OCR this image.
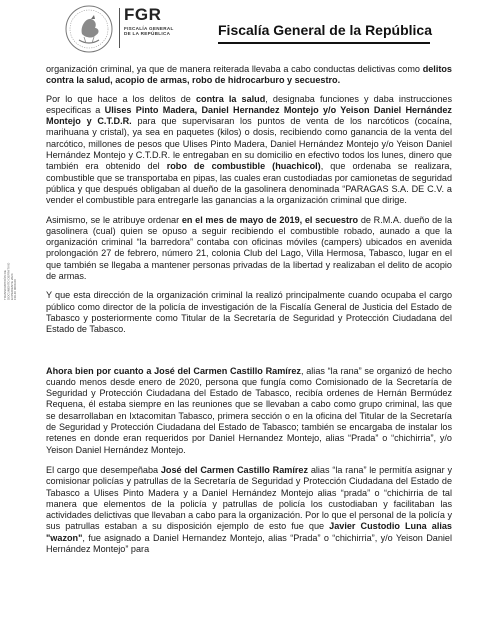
FGR
FISCALÍA GENERAL
DE LA REPÚBLICA	Fiscalía General de la República
TRANSCRIPCIÓN DE DOCUMENTO DEFINITIVO
EXPEDIENTE 2024
FOLIO 0000-00

organización criminal, ya que de manera reiterada llevaba a cabo conductas delictivas como delitos contra la salud, acopio de armas, robo de hidrocarburo y secuestro.

Por lo que hace a los delitos de contra la salud, designaba funciones y daba instrucciones especificas a Ulises Pinto Madera, Daniel Hernandez Montejo y/o Yeison Daniel Hernández Montejo y C.T.D.R. para que supervisaran los puntos de venta de los narcóticos (cocaína, marihuana y cristal), ya sea en paquetes (kilos) o dosis, recibiendo como ganancia de la venta del narcótico, millones de pesos que Ulises Pinto Madera, Daniel Hernández Montejo y/o Yeison Daniel Hernández Montejo y C.T.D.R. le entregaban en su domicilio en efectivo todos los lunes, dinero que también era obtenido del robo de combustible (huachicol), que ordenaba se realizara, combustible que se transportaba en pipas, las cuales eran custodiadas por camionetas de seguridad pública y que después obligaban al dueño de la gasolinera denominada “PARAGAS S.A. DE C.V. a vender el combustible para entregarle las ganancias a la organización criminal que dirige.

Asimismo, se le atribuye ordenar en el mes de mayo de 2019, el secuestro de R.M.A. dueño de la gasolinera (cual) quien se opuso a seguir recibiendo el combustible robado, aunado a que la organización criminal “la barredora” contaba con oficinas móviles (campers) ubicados en avenida prolongación 27 de febrero, número 21, colonia Club del Lago, Villa Hermosa, Tabasco, lugar en el que también se llegaba a mantener personas privadas de la libertad y realizaban el delito de acopio de armas.

Y que esta dirección de la organización criminal la realizó principalmente cuando ocupaba el cargo público como director de la policía de investigación de la Fiscalía General de Justicia del Estado de Tabasco y posteriormente como Titular de la Secretaría de Seguridad y Protección Ciudadana del Estado de Tabasco.

Ahora bien por cuanto a José del Carmen Castillo Ramírez, alias “la rana” se organizó de hecho cuando menos desde enero de 2020, persona que fungía como Comisionado de la Secretaría de Seguridad y Protección Ciudadana del Estado de Tabasco, recibía ordenes de Hernán Bermúdez Requena, él estaba siempre en las reuniones que se llevaban a cabo como grupo criminal, las que se desarrollaban en Ixtacomitan Tabasco, primera sección o en la oficina del Titular de la Secretaría de Seguridad y Protección Ciudadana del Estado de Tabasco; también se encargaba de instalar los retenes en donde eran requeridos por Daniel Hernandez Montejo, alias “Prada” o “chichirria”, y/o Yeison Daniel Hernández Montejo.

El cargo que desempeñaba José del Carmen Castillo Ramírez alias “la rana” le permitía asignar y comisionar policías y patrullas de la Secretaría de Seguridad y Protección Ciudadana del Estado de Tabasco a Ulises Pinto Madera y a Daniel Hernández Montejo alias “prada” o “chichirria de tal manera que elementos de la policía y patrullas de policía los custodiaban y facilitaban las actividades delictivas que llevaban a cabo para la organización. Por lo que el personal de la policía y sus patrullas estaban a su disposición ejemplo de esto fue que Javier Custodio Luna alias "wazon", fue asignado a Daniel Hernandez Montejo, alias “Prada” o “chichirria”, y/o Yeison Daniel Hernández Montejo” para
